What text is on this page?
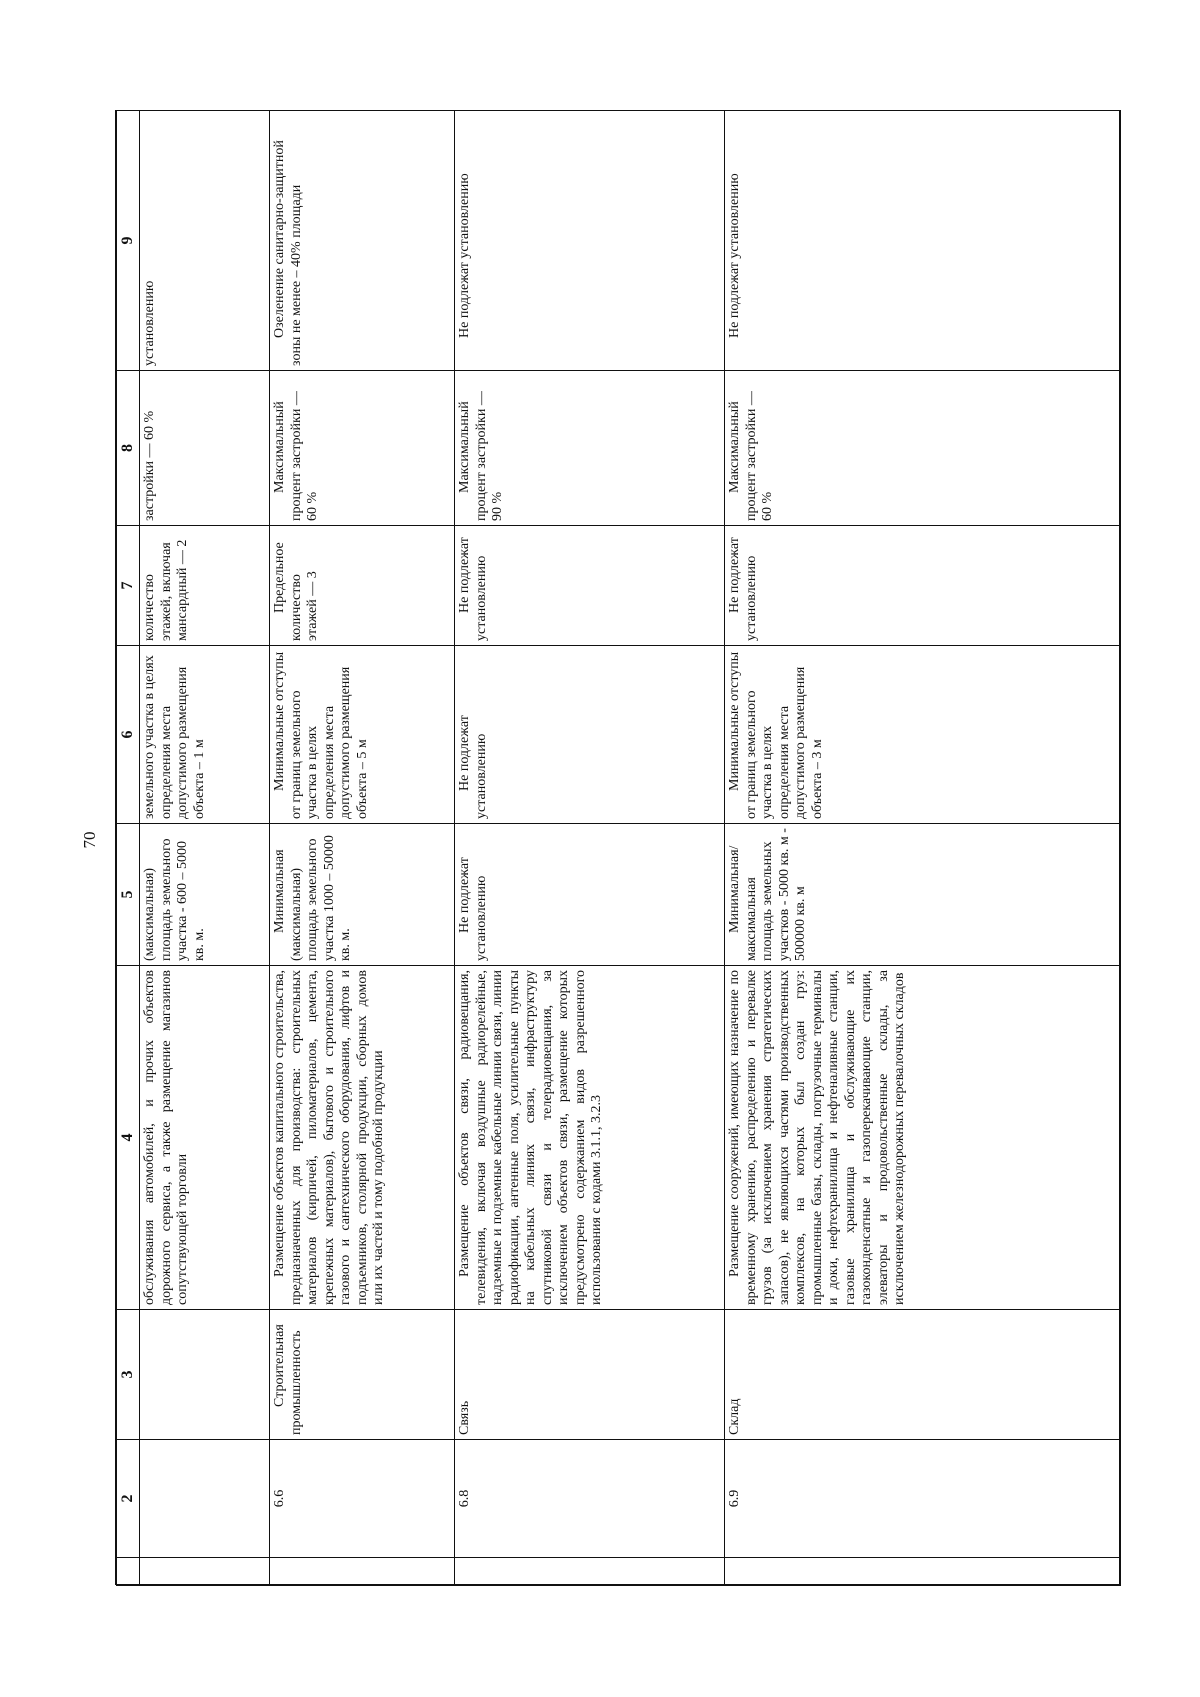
70
	2	3	4	5	6	7	8	9
			обслуживания автомобилей, и прочих объектов дорожного сервиса, а также размещение магазинов сопутствующей торговли	(максимальная) площадь земельного участка - 600 – 5000 кв. м.	земельного участка в целях определения места допустимого размещения объекта – 1 м	количество этажей, включая мансардный — 2	застройки — 60 %	установлению
	6.6	Строительная промышленность	Размещение объектов капитального строительства, предназначенных для производства: строительных материалов (кирпичей, пиломатериалов, цемента, крепежных материалов), бытового и строительного газового и сантехнического оборудования, лифтов и подъемников, столярной продукции, сборных домов или их частей и тому подобной продукции	Минимальная (максимальная) площадь земельного участка 1000 – 50000 кв. м.	Минимальные отступы от границ земельного участка в целях определения места допустимого размещения объекта – 5 м	Предельное количество этажей — 3	Максимальный процент застройки — 60 %	Озеленение санитарно-защитной зоны не менее – 40% площади
	6.8	Связь	Размещение объектов связи, радиовещания, телевидения, включая воздушные радиорелейные, надземные и подземные кабельные линии связи, линии радиофикации, антенные поля, усилительные пункты на кабельных линиях связи, инфраструктуру спутниковой связи и телерадиовещания, за исключением объектов связи, размещение которых предусмотрено содержанием видов разрешенного использования с кодами 3.1.1, 3.2.3	Не подлежат установлению	Не подлежат установлению	Не подлежат установлению	Максимальный процент застройки — 90 %	Не подлежат установлению
	6.9	Склад	Размещение сооружений, имеющих назначение по временному хранению, распределению и перевалке грузов (за исключением хранения стратегических запасов), не являющихся частями производственных комплексов, на которых был создан груз: промышленные базы, склады, погрузочные терминалы и доки, нефтехранилища и нефтеналивные станции, газовые хранилища и обслуживающие их газоконденсатные и газоперекачивающие станции, элеваторы и продовольственные склады, за исключением железнодорожных перевалочных складов	Минимальная/максимальная площадь земельных участков - 5000 кв. м - 500000 кв. м	Минимальные отступы от границ земельного участка в целях определения места допустимого размещения объекта – 3 м	Не подлежат установлению	Максимальный процент застройки — 60 %	Не подлежат установлению
